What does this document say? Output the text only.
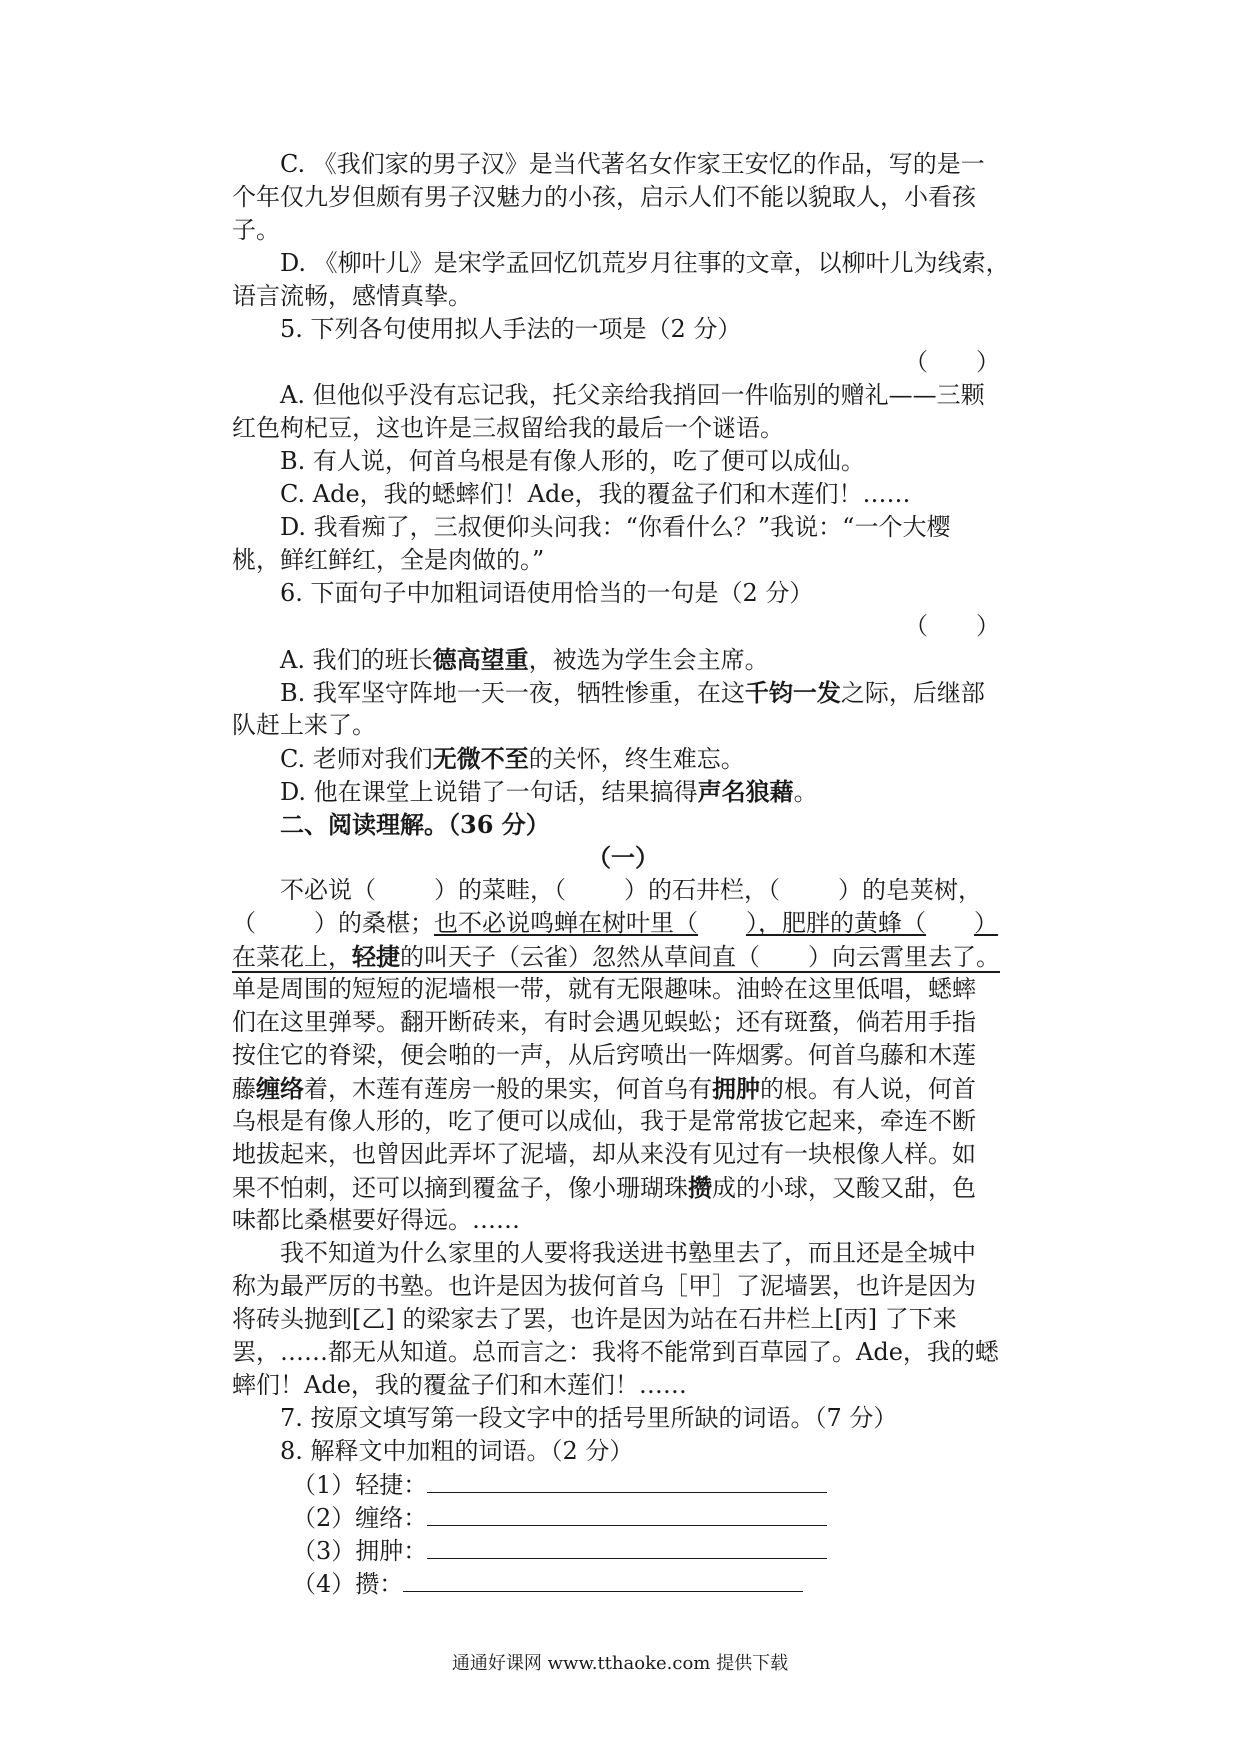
C. 《我们家的男子汉》是当代著名女作家王安忆的作品，写的是一
个年仅九岁但颇有男子汉魅力的小孩，启示人们不能以貌取人，小看孩
子。
D. 《柳叶儿》是宋学孟回忆饥荒岁月往事的文章，以柳叶儿为线索，
语言流畅，感情真挚。
5. 下列各句使用拟人手法的一项是（2 分）
（　　）
A. 但他似乎没有忘记我，托父亲给我捎回一件临别的赠礼——三颗
红色枸杞豆，这也许是三叔留给我的最后一个谜语。
B. 有人说，何首乌根是有像人形的，吃了便可以成仙。
C. Ade，我的蟋蟀们！Ade，我的覆盆子们和木莲们！……
D. 我看痴了，三叔便仰头问我：“你看什么？”我说：“一个大樱
桃，鲜红鲜红，全是肉做的。”
6. 下面句子中加粗词语使用恰当的一句是（2 分）
（　　）
A. 我们的班长德高望重，被选为学生会主席。
B. 我军坚守阵地一天一夜，牺牲惨重，在这千钧一发之际，后继部
队赶上来了。
C. 老师对我们无微不至的关怀，终生难忘。
D. 他在课堂上说错了一句话，结果搞得声名狼藉。
二、阅读理解。（36 分）
（一）
不必说（ ）的菜畦，（ ）的石井栏，（ ）的皂荚树，
（ ）的桑椹；也不必说鸣蝉在树叶里（ ），肥胖的黄蜂（ ）
在菜花上，轻捷的叫天子（云雀）忽然从草间直（ ）向云霄里去了。
单是周围的短短的泥墙根一带，就有无限趣味。油蛉在这里低唱，蟋蟀
们在这里弹琴。翻开断砖来，有时会遇见蜈蚣；还有斑蝥，倘若用手指
按住它的脊梁，便会啪的一声，从后窍喷出一阵烟雾。何首乌藤和木莲
藤缠络着，木莲有莲房一般的果实，何首乌有拥肿的根。有人说，何首
乌根是有像人形的，吃了便可以成仙，我于是常常拔它起来，牵连不断
地拔起来，也曾因此弄坏了泥墙，却从来没有见过有一块根像人样。如
果不怕刺，还可以摘到覆盆子，像小珊瑚珠攒成的小球，又酸又甜，色
味都比桑椹要好得远。……
我不知道为什么家里的人要将我送进书塾里去了，而且还是全城中
称为最严厉的书塾。也许是因为拔何首乌［甲］了泥墙罢，也许是因为
将砖头抛到[乙] 的梁家去了罢，也许是因为站在石井栏上[丙] 了下来
罢，……都无从知道。总而言之：我将不能常到百草园了。Ade，我的蟋
蟀们！Ade，我的覆盆子们和木莲们！……
7. 按原文填写第一段文字中的括号里所缺的词语。（7 分）
8. 解释文中加粗的词语。（2 分）
（1）轻捷：
（2）缠络：
（3）拥肿：
（4）攒：
通通好课网 www.tthaoke.com 提供下载
